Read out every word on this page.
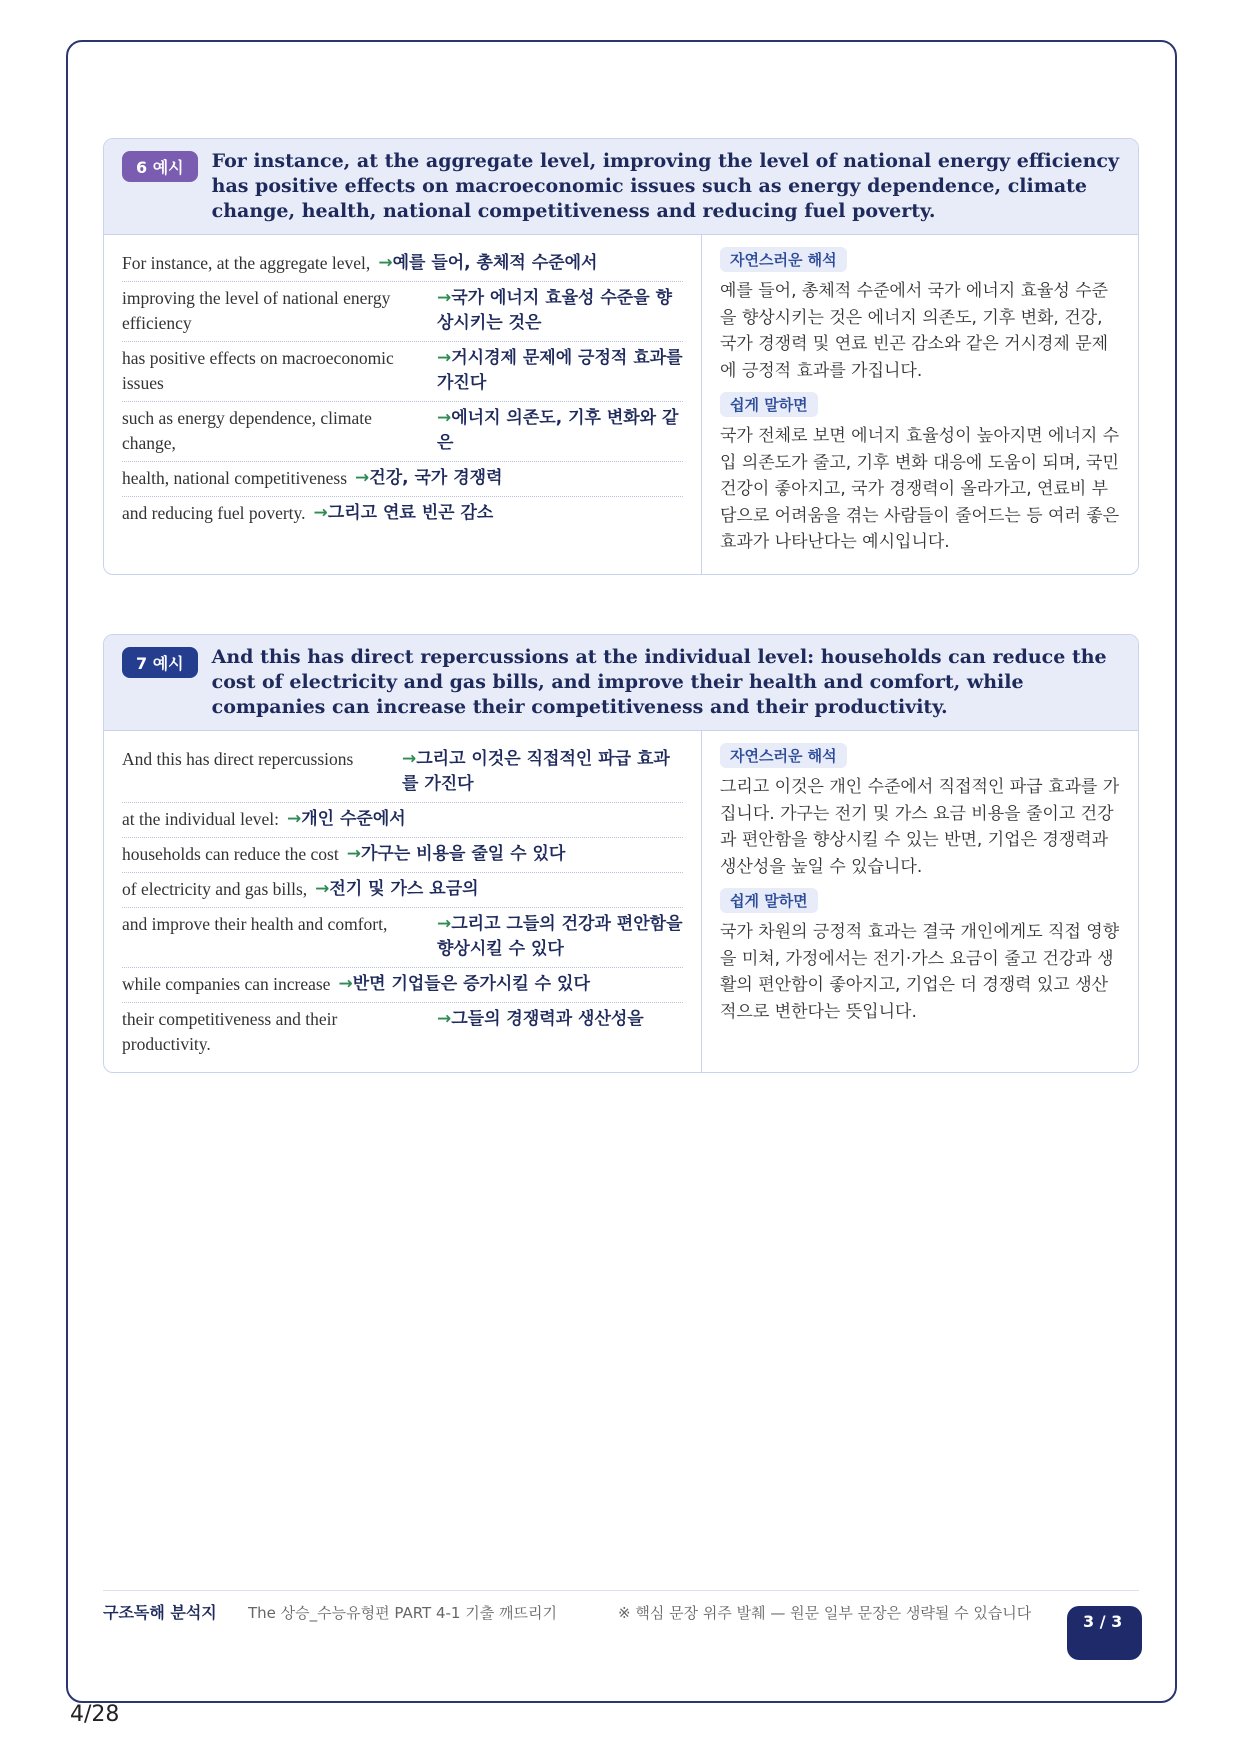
6 예시	For instance, at the aggregate level, improving the level of national energy efficiency has positive effects on macroeconomic issues such as energy dependence, climate change, health, national competitiveness and reducing fuel poverty.
For instance, at the aggregate level, →예를 들어, 총체적 수준에서
improving the level of national energy efficiency
→국가 에너지 효율성 수준을 향상시키는 것은
has positive effects on macroeconomic issues
→거시경제 문제에 긍정적 효과를 가진다
such as energy dependence, climate change,
→에너지 의존도, 기후 변화와 같은
health, national competitiveness →건강, 국가 경쟁력
and reducing fuel poverty. →그리고 연료 빈곤 감소
자연스러운 해석
예를 들어, 총체적 수준에서 국가 에너지 효율성 수준을 향상시키는 것은 에너지 의존도, 기후 변화, 건강, 국가 경쟁력 및 연료 빈곤 감소와 같은 거시경제 문제에 긍정적 효과를 가집니다.
쉽게 말하면
국가 전체로 보면 에너지 효율성이 높아지면 에너지 수입 의존도가 줄고, 기후 변화 대응에 도움이 되며, 국민 건강이 좋아지고, 국가 경쟁력이 올라가고, 연료비 부담으로 어려움을 겪는 사람들이 줄어드는 등 여러 좋은 효과가 나타난다는 예시입니다.
7 예시	And this has direct repercussions at the individual level: households can reduce the cost of electricity and gas bills, and improve their health and comfort, while companies can increase their competitiveness and their productivity.
And this has direct repercussions	→그리고 이것은 직접적인 파급 효과를 가진다
at the individual level: →개인 수준에서
households can reduce the cost →가구는 비용을 줄일 수 있다
of electricity and gas bills, →전기 및 가스 요금의
and improve their health and comfort,	→그리고 그들의 건강과 편안함을 향상시킬 수 있다
while companies can increase →반면 기업들은 증가시킬 수 있다
their competitiveness and their productivity.
→그들의 경쟁력과 생산성을
자연스러운 해석
그리고 이것은 개인 수준에서 직접적인 파급 효과를 가집니다. 가구는 전기 및 가스 요금 비용을 줄이고 건강과 편안함을 향상시킬 수 있는 반면, 기업은 경쟁력과 생산성을 높일 수 있습니다.
쉽게 말하면
국가 차원의 긍정적 효과는 결국 개인에게도 직접 영향을 미쳐, 가정에서는 전기·가스 요금이 줄고 건강과 생활의 편안함이 좋아지고, 기업은 더 경쟁력 있고 생산적으로 변한다는 뜻입니다.
구조독해 분석지	The 상승_수능유형편 PART 4-1 기출 깨뜨리기	※ 핵심 문장 위주 발췌 — 원문 일부 문장은 생략될 수 있습니다	3 / 3
4/28
